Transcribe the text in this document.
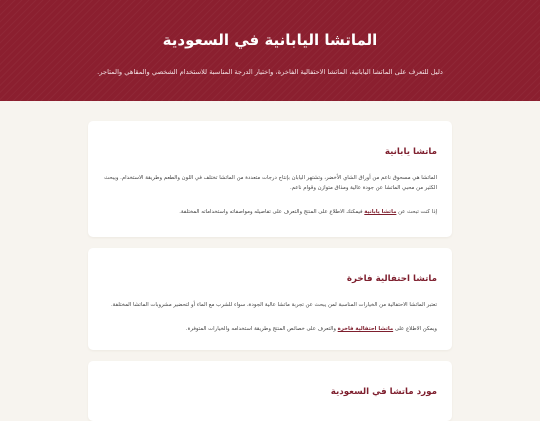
الماتشا اليابانية في السعودية

دليل للتعرف على الماتشا اليابانية، الماتشا الاحتفالية الفاخرة، واختيار الدرجة المناسبة للاستخدام الشخصي والمقاهي والمتاجر.

ماتشا يابانية

الماتشا هي مسحوق ناعم من أوراق الشاي الأخضر، وتشتهر اليابان بإنتاج درجات متعددة من الماتشا تختلف في اللون والطعم وطريقة الاستخدام. ويبحث الكثير من محبي الماتشا عن جودة عالية ومذاق متوازن وقوام ناعم.

إذا كنت تبحث عن ماتشا يابانية فيمكنك الاطلاع على المنتج والتعرف على تفاصيله ومواصفاته واستخداماته المختلفة.

ماتشا احتفالية فاخرة

تعتبر الماتشا الاحتفالية من الخيارات المناسبة لمن يبحث عن تجربة ماتشا عالية الجودة، سواء للشرب مع الماء أو لتحضير مشروبات الماتشا المختلفة.

ويمكن الاطلاع على ماتشا احتفالية فاخرة والتعرف على خصائص المنتج وطريقة استخدامه والخيارات المتوفرة.

مورد ماتشا في السعودية
